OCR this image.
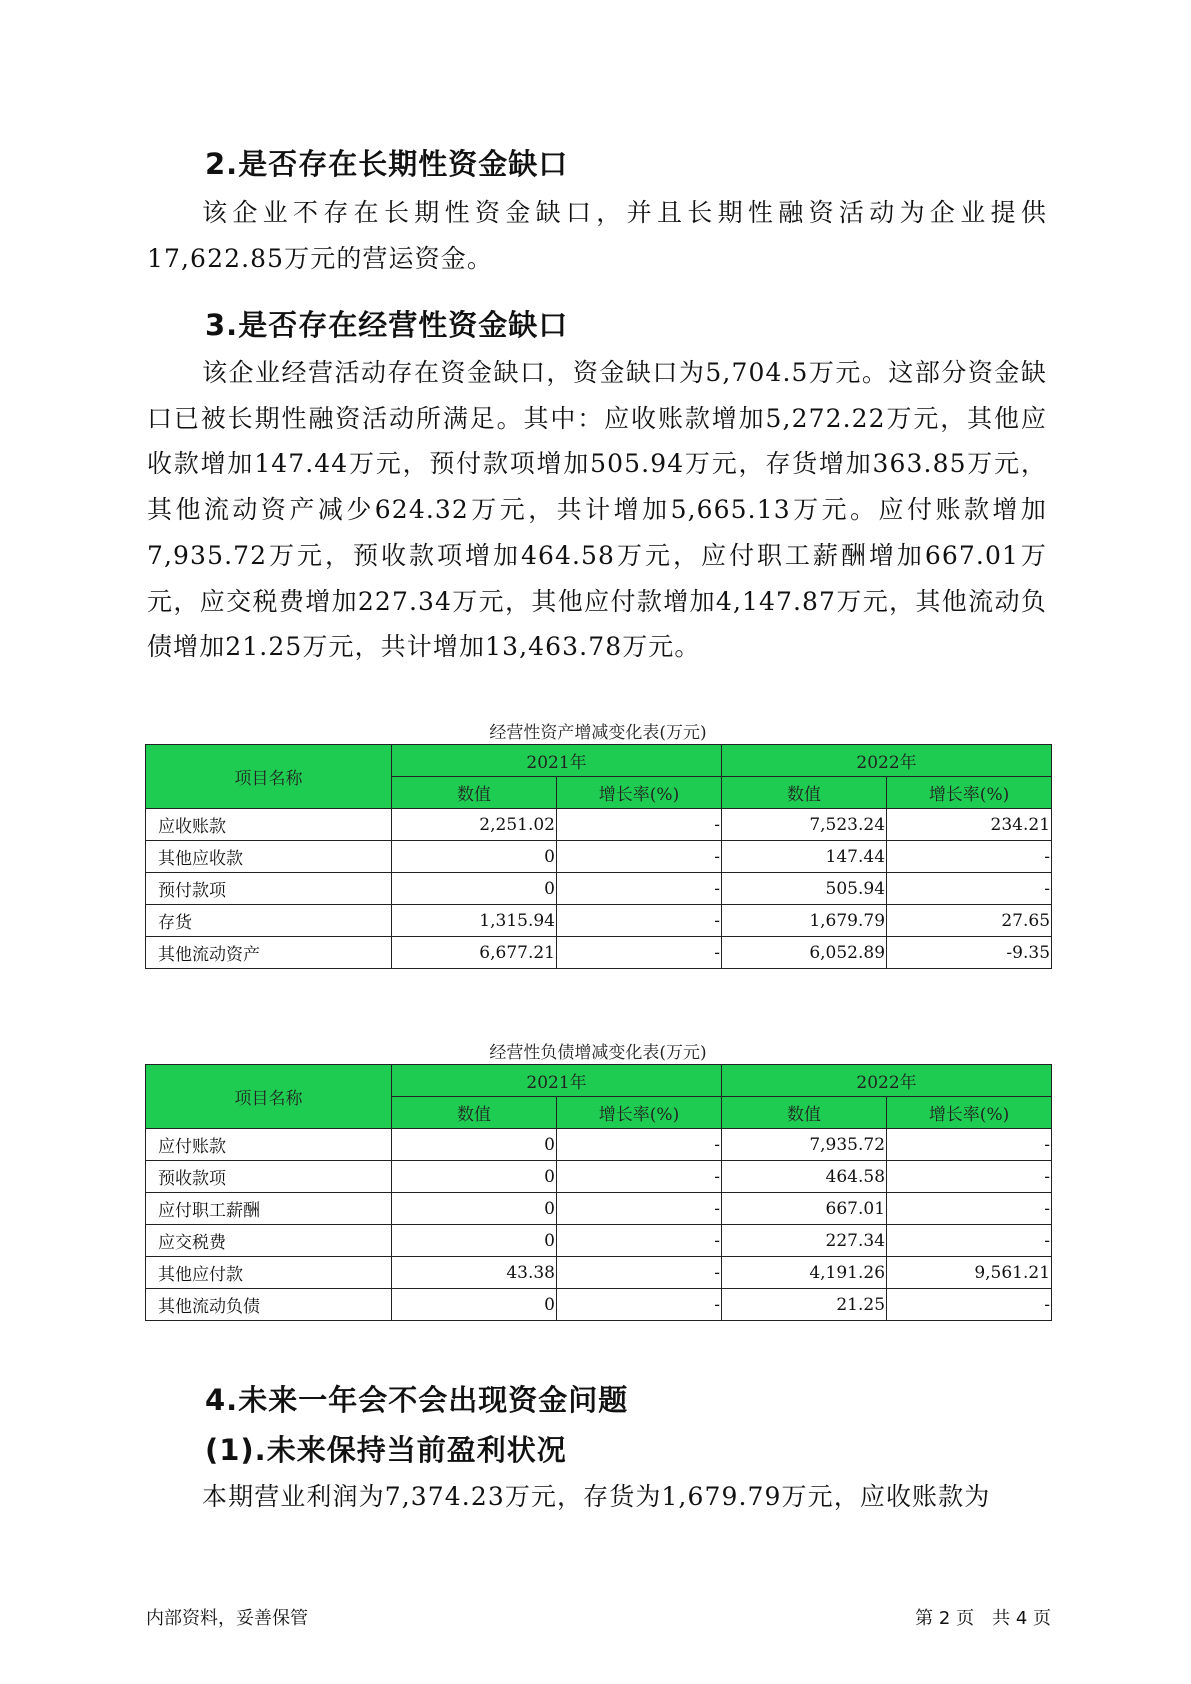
2.是否存在长期性资金缺口

该企业不存在长期性资金缺口，并且长期性融资活动为企业提供17,622.85万元的营运资金。

3.是否存在经营性资金缺口

该企业经营活动存在资金缺口，资金缺口为5,704.5万元。这部分资金缺口已被长期性融资活动所满足。其中：应收账款增加5,272.22万元，其他应收款增加147.44万元，预付款项增加505.94万元，存货增加363.85万元，其他流动资产减少624.32万元，共计增加5,665.13万元。应付账款增加7,935.72万元，预收款项增加464.58万元，应付职工薪酬增加667.01万元，应交税费增加227.34万元，其他应付款增加4,147.87万元，其他流动负债增加21.25万元，共计增加13,463.78万元。

经营性资产增减变化表(万元)
项目名称	2021年		2022年	
	数值	增长率(%)	数值	增长率(%)
应收账款	2,251.02	-	7,523.24	234.21
其他应收款	0	-	147.44	-
预付款项	0	-	505.94	-
存货	1,315.94	-	1,679.79	27.65
其他流动资产	6,677.21	-	6,052.89	-9.35
经营性负债增减变化表(万元)
项目名称	2021年		2022年	
	数值	增长率(%)	数值	增长率(%)
应付账款	0	-	7,935.72	-
预收款项	0	-	464.58	-
应付职工薪酬	0	-	667.01	-
应交税费	0	-	227.34	-
其他应付款	43.38	-	4,191.26	9,561.21
其他流动负债	0	-	21.25	-
4.未来一年会不会出现资金问题
(1).未来保持当前盈利状况

本期营业利润为7,374.23万元，存货为1,679.79万元，应收账款为

内部资料，妥善保管	第 2 页　共 4 页
